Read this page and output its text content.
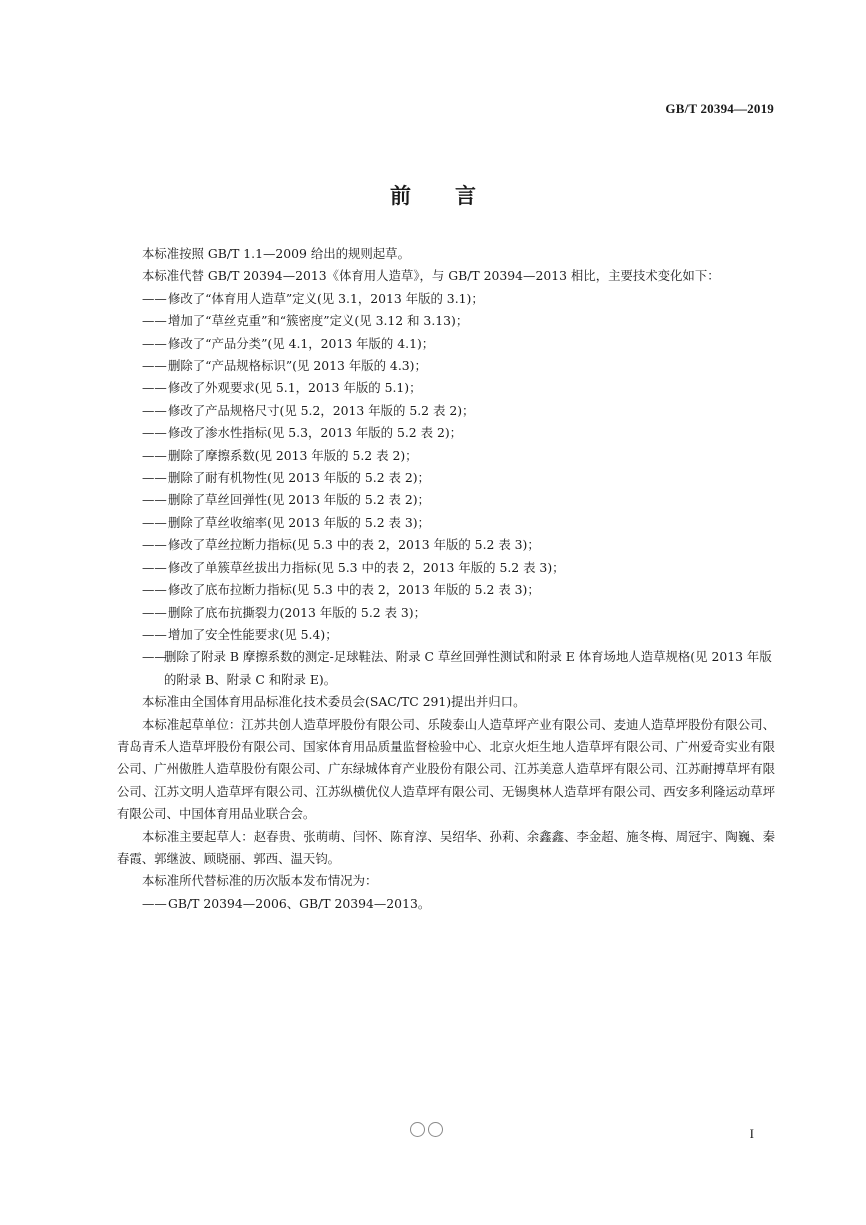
GB/T 20394—2019
前 言

本标准按照 GB/T 1.1—2009 给出的规则起草。

本标准代替 GB/T 20394—2013《体育用人造草》，与 GB/T 20394—2013 相比，主要技术变化如下：

—— 修改了“体育用人造草”定义(见 3.1，2013 年版的 3.1)；
—— 增加了“草丝克重”和“簇密度”定义(见 3.12 和 3.13)；
—— 修改了“产品分类”(见 4.1，2013 年版的 4.1)；
—— 删除了“产品规格标识”(见 2013 年版的 4.3)；
—— 修改了外观要求(见 5.1，2013 年版的 5.1)；
—— 修改了产品规格尺寸(见 5.2，2013 年版的 5.2 表 2)；
—— 修改了渗水性指标(见 5.3，2013 年版的 5.2 表 2)；
—— 删除了摩擦系数(见 2013 年版的 5.2 表 2)；
—— 删除了耐有机物性(见 2013 年版的 5.2 表 2)；
—— 删除了草丝回弹性(见 2013 年版的 5.2 表 2)；
—— 删除了草丝收缩率(见 2013 年版的 5.2 表 3)；
—— 修改了草丝拉断力指标(见 5.3 中的表 2，2013 年版的 5.2 表 3)；
—— 修改了单簇草丝拔出力指标(见 5.3 中的表 2，2013 年版的 5.2 表 3)；
—— 修改了底布拉断力指标(见 5.3 中的表 2，2013 年版的 5.2 表 3)；
—— 删除了底布抗撕裂力(2013 年版的 5.2 表 3)；
—— 增加了安全性能要求(见 5.4)；
——
删除了附录 B 摩擦系数的测定-足球鞋法、附录 C 草丝回弹性测试和附录 E 体育场地人造草规格(见 2013 年版的附录 B、附录 C 和附录 E)。

本标准由全国体育用品标准化技术委员会(SAC/TC 291)提出并归口。

本标准起草单位：江苏共创人造草坪股份有限公司、乐陵泰山人造草坪产业有限公司、麦迪人造草坪股份有限公司、青岛青禾人造草坪股份有限公司、国家体育用品质量监督检验中心、北京火炬生地人造草坪有限公司、广州爱奇实业有限公司、广州傲胜人造草股份有限公司、广东绿城体育产业股份有限公司、江苏美意人造草坪有限公司、江苏耐搏草坪有限公司、江苏文明人造草坪有限公司、江苏纵横优仪人造草坪有限公司、无锡奥林人造草坪有限公司、西安多利隆运动草坪有限公司、中国体育用品业联合会。

本标准主要起草人：赵春贵、张萌萌、闫怀、陈育淳、吴绍华、孙莉、余鑫鑫、李金超、施冬梅、周冠宇、陶巍、秦春霞、郭继波、顾晓丽、郭西、温天钧。

本标准所代替标准的历次版本发布情况为：

—— GB/T 20394—2006、GB/T 20394—2013。
I
